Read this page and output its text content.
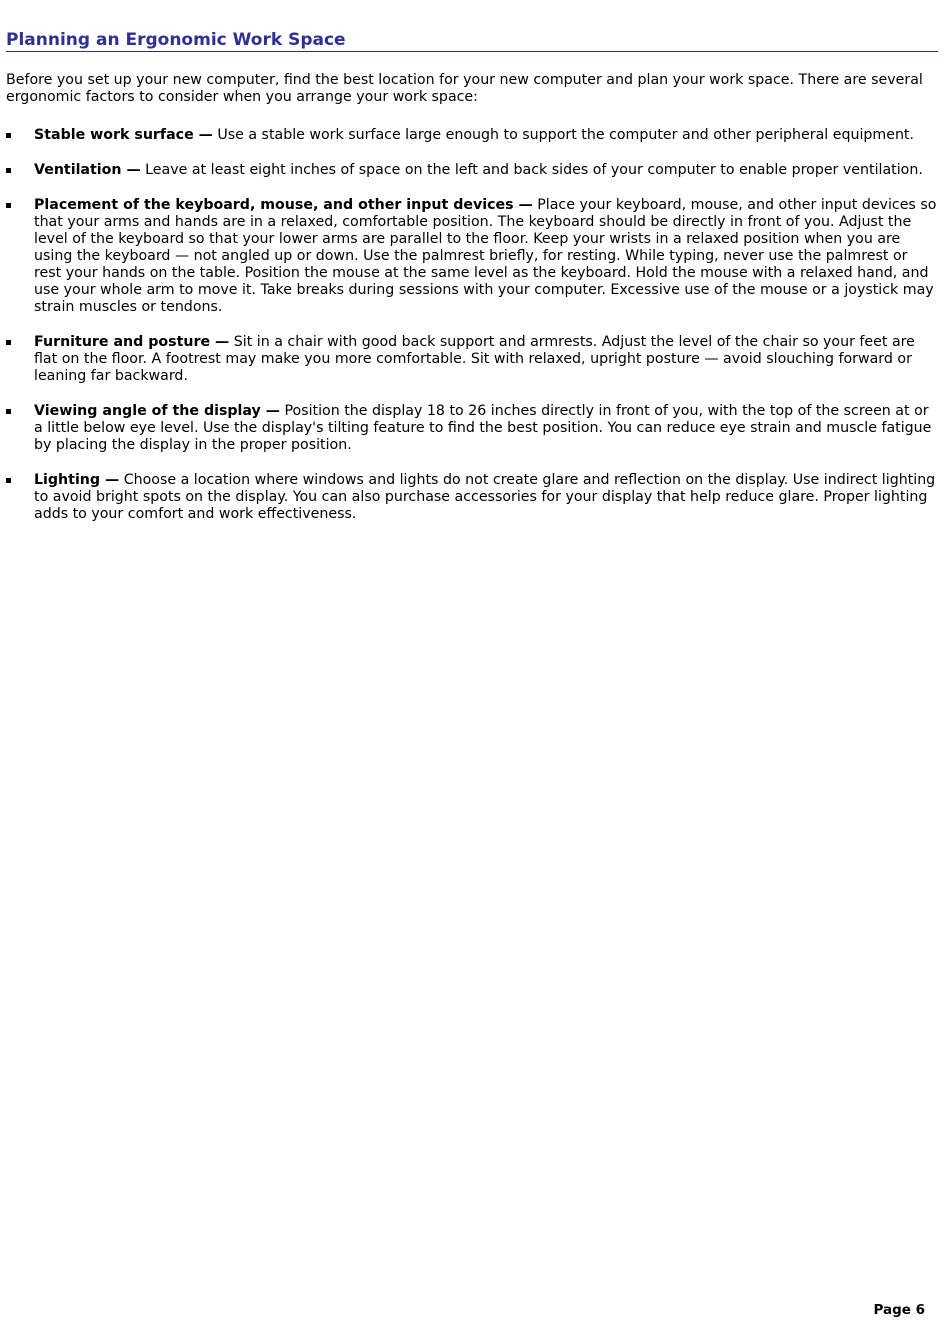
Planning an Ergonomic Work Space

Before you set up your new computer, find the best location for your new computer and plan your work space. There are several ergonomic factors to consider when you arrange your work space:

Stable work surface — Use a stable work surface large enough to support the computer and other peripheral equipment.
Ventilation — Leave at least eight inches of space on the left and back sides of your computer to enable proper ventilation.
Placement of the keyboard, mouse, and other input devices — Place your keyboard, mouse, and other input devices so that your arms and hands are in a relaxed, comfortable position. The keyboard should be directly in front of you. Adjust the level of the keyboard so that your lower arms are parallel to the floor. Keep your wrists in a relaxed position when you are using the keyboard — not angled up or down. Use the palmrest briefly, for resting. While typing, never use the palmrest or rest your hands on the table. Position the mouse at the same level as the keyboard. Hold the mouse with a relaxed hand, and use your whole arm to move it. Take breaks during sessions with your computer. Excessive use of the mouse or a joystick may strain muscles or tendons.
Furniture and posture — Sit in a chair with good back support and armrests. Adjust the level of the chair so your feet are flat on the floor. A footrest may make you more comfortable. Sit with relaxed, upright posture — avoid slouching forward or leaning far backward.
Viewing angle of the display — Position the display 18 to 26 inches directly in front of you, with the top of the screen at or a little below eye level. Use the display's tilting feature to find the best position. You can reduce eye strain and muscle fatigue by placing the display in the proper position.
Lighting — Choose a location where windows and lights do not create glare and reflection on the display. Use indirect lighting to avoid bright spots on the display. You can also purchase accessories for your display that help reduce glare. Proper lighting adds to your comfort and work effectiveness.
Page 6
